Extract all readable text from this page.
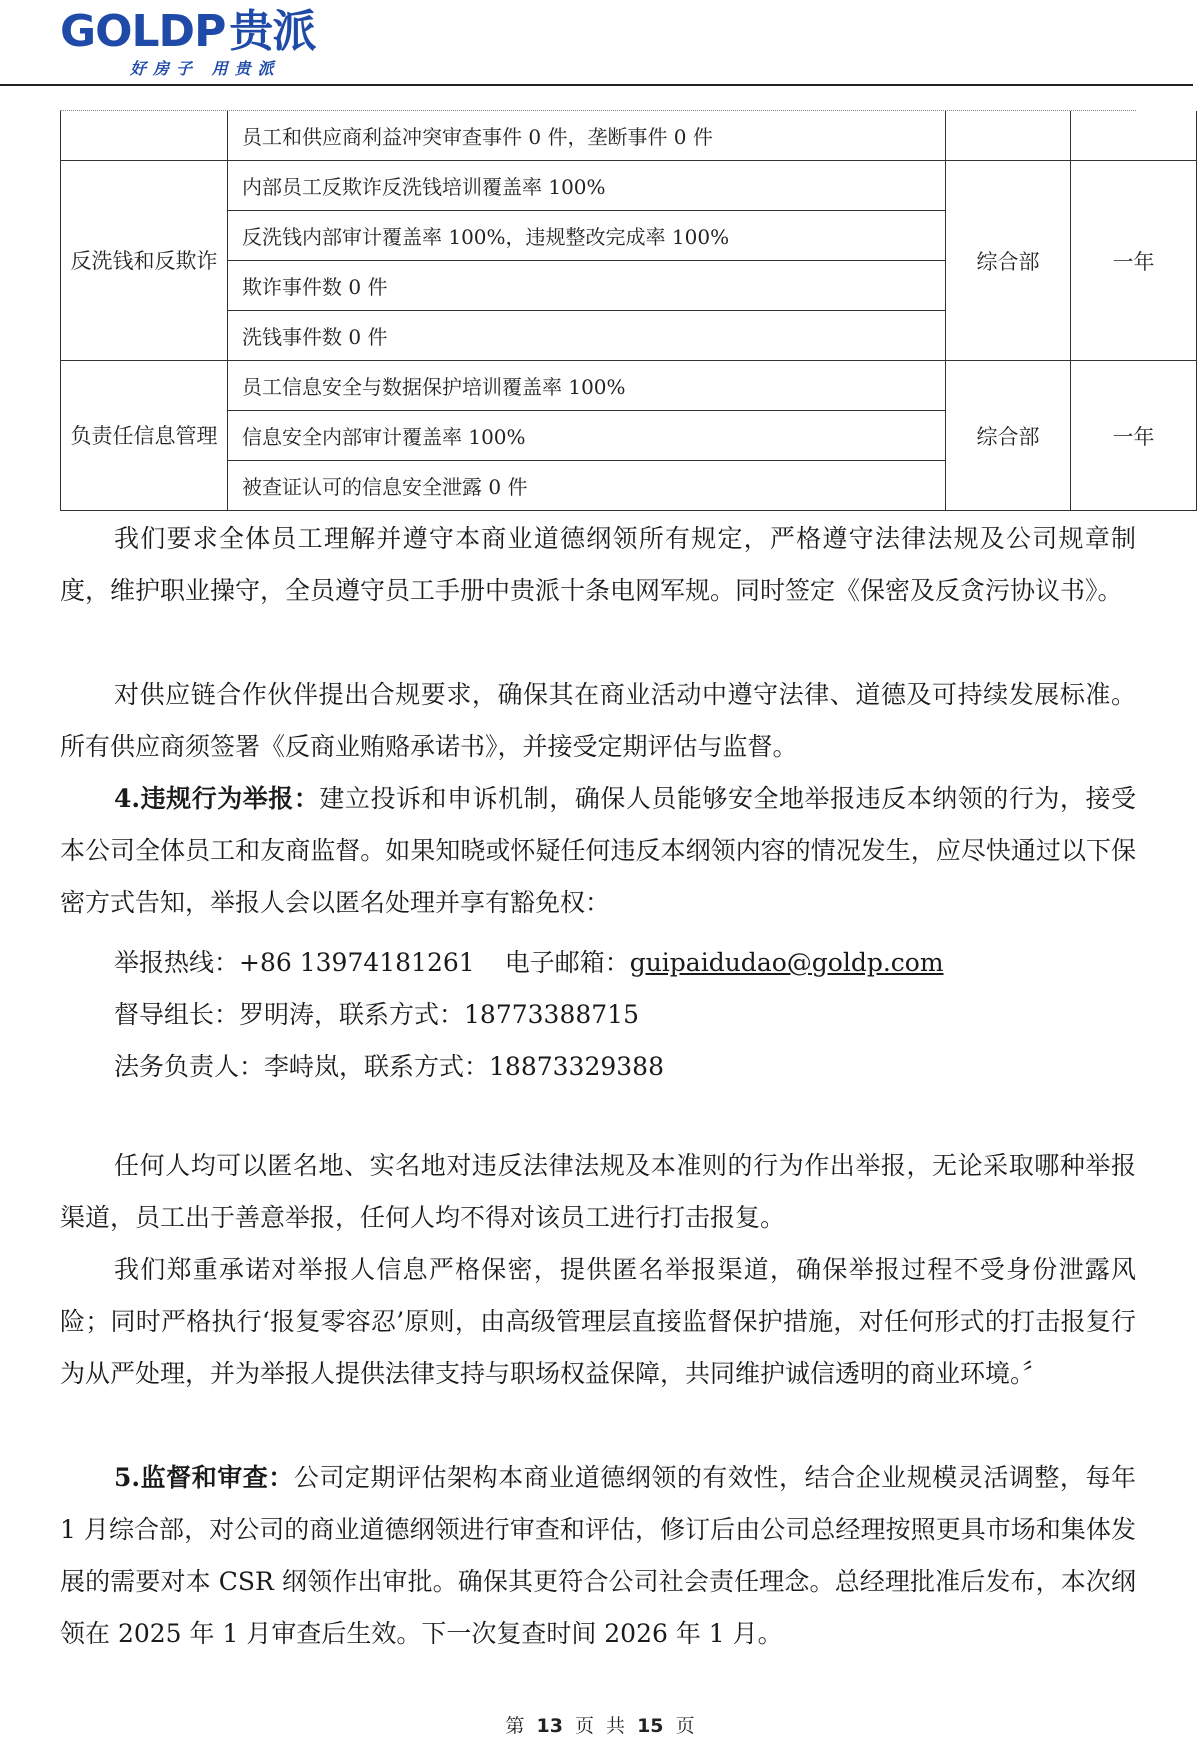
GOLDP贵派
好房子 用贵派
	员工和供应商利益冲突审查事件 0 件，垄断事件 0 件		
反洗钱和反欺诈	内部员工反欺诈反洗钱培训覆盖率 100%	综合部	一年
	反洗钱内部审计覆盖率 100%，违规整改完成率 100%		
	欺诈事件数 0 件		
	洗钱事件数 0 件		
负责任信息管理	员工信息安全与数据保护培训覆盖率 100%	综合部	一年
	信息安全内部审计覆盖率 100%		
	被查证认可的信息安全泄露 0 件		

我们要求全体员工理解并遵守本商业道德纲领所有规定，严格遵守法律法规及公司规章制度，维护职业操守，全员遵守员工手册中贵派十条电网军规。同时签定《保密及反贪污协议书》。

对供应链合作伙伴提出合规要求，确保其在商业活动中遵守法律、道德及可持续发展标准。所有供应商须签署《反商业贿赂承诺书》，并接受定期评估与监督。

4.违规行为举报：建立投诉和申诉机制，确保人员能够安全地举报违反本纳领的行为，接受本公司全体员工和友商监督。如果知晓或怀疑任何违反本纲领内容的情况发生，应尽快通过以下保密方式告知，举报人会以匿名处理并享有豁免权：

举报热线：+86 13974181261 电子邮箱：guipaidudao@goldp.com
督导组长：罗明涛，联系方式：18773388715
法务负责人：李峙岚，联系方式：18873329388

任何人均可以匿名地、实名地对违反法律法规及本准则的行为作出举报，无论采取哪种举报渠道，员工出于善意举报，任何人均不得对该员工进行打击报复。

我们郑重承诺对举报人信息严格保密，提供匿名举报渠道，确保举报过程不受身份泄露风险；同时严格执行‘报复零容忍’原则，由高级管理层直接监督保护措施，对任何形式的打击报复行为从严处理，并为举报人提供法律支持与职场权益保障，共同维护诚信透明的商业环境。〞

5.监督和审查：公司定期评估架构本商业道德纲领的有效性，结合企业规模灵活调整，每年 1 月综合部，对公司的商业道德纲领进行审查和评估，修订后由公司总经理按照更具市场和集体发展的需要对本 CSR 纲领作出审批。确保其更符合公司社会责任理念。总经理批准后发布，本次纲领在 2025 年 1 月审查后生效。下一次复查时间 2026 年 1 月。

第 13 页 共 15 页
